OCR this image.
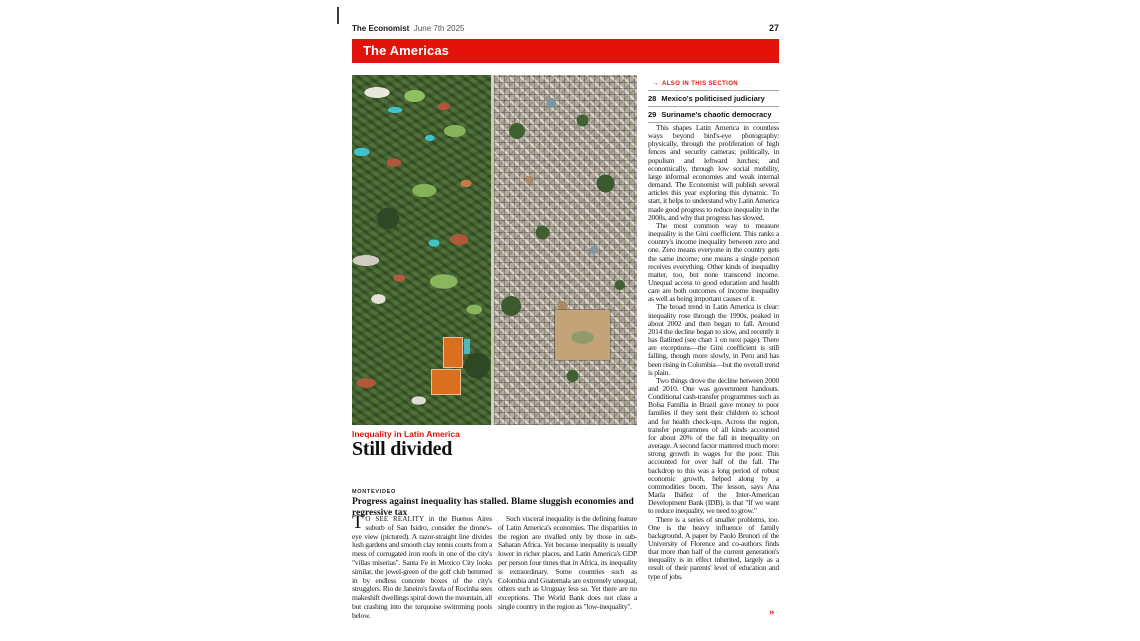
The Economist June 7th 2025	27
The Americas
→ ALSO IN THIS SECTION
28 Mexico's politicised judiciary
29 Suriname's chaotic democracy

This shapes Latin America in countless ways beyond bird's-eye photography: physically, through the proliferation of high fences and security cameras; politically, in populism and leftward lurches; and economically, through low social mobility, large informal economies and weak internal demand. The Economist will publish several articles this year exploring this dynamic. To start, it helps to understand why Latin America made good progress to reduce inequality in the 2000s, and why that progress has slowed.

The most common way to measure inequality is the Gini coefficient. This ranks a country's income inequality between zero and one. Zero means everyone in the country gets the same income; one means a single person receives everything. Other kinds of inequality matter, too, but none transcend income. Unequal access to good education and health care are both outcomes of income inequality as well as being important causes of it.

The broad trend in Latin America is clear: inequality rose through the 1990s, peaked in about 2002 and then began to fall. Around 2014 the decline began to slow, and recently it has flatlined (see chart 1 on next page). There are exceptions—the Gini coefficient is still falling, though more slowly, in Peru and has been rising in Colombia—but the overall trend is plain.

Two things drove the decline between 2000 and 2010. One was government handouts. Conditional cash-transfer programmes such as Bolsa Família in Brazil gave money to poor families if they sent their children to school and for health check-ups. Across the region, transfer programmes of all kinds accounted for about 20% of the fall in inequality on average. A second factor mattered much more: strong growth in wages for the poor. This accounted for over half of the fall. The backdrop to this was a long period of robust economic growth, helped along by a commodities boom. The lesson, says Ana María Ibáñez of the Inter-American Development Bank (IDB), is that "If we want to reduce inequality, we need to grow."

There is a series of smaller problems, too. One is the heavy influence of family background. A paper by Paolo Brunori of the University of Florence and co-authors finds that more than half of the current generation's inequality is in effect inherited, largely as a result of their parents' level of education and type of jobs.

Inequality in Latin America
Still divided
MONTEVIDEO
Progress against inequality has stalled. Blame sluggish economies and regressive tax

T O SEE REALITY in the Buenos Aires suburb of San Isidro, consider the drone's-eye view (pictured). A razor-straight line divides lush gardens and smooth clay tennis courts from a mess of corrugated iron roofs in one of the city's "villas miserias". Santa Fe in Mexico City looks similar, the jewel-green of the golf club hemmed in by endless concrete boxes of the city's strugglers. Rio de Janeiro's favela of Rocinha sees makeshift dwellings spiral down the mountain, all but crashing into the turquoise swimming pools below.

Such visceral inequality is the defining feature of Latin America's economies. The disparities in the region are rivalled only by those in sub-Saharan Africa. Yet because inequality is usually lower in richer places, and Latin America's GDP per person four times that in Africa, its inequality is extraordinary. Some countries such as Colombia and Guatemala are extremely unequal, others such as Uruguay less so. Yet there are no exceptions. The World Bank does not class a single country in the region as "low-inequality".	»
